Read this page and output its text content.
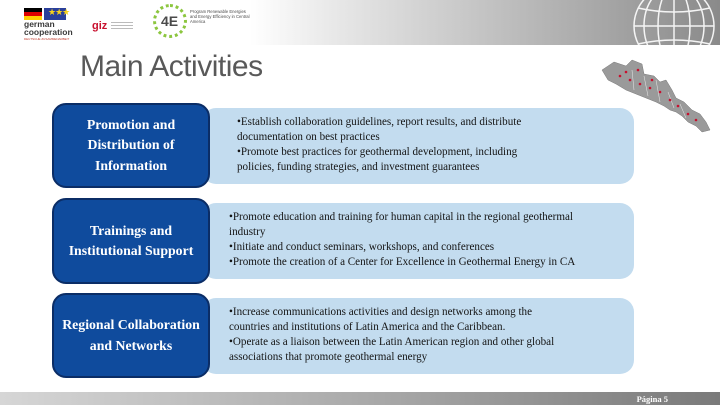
★★★
german
cooperation
DEUTSCHE ZUSAMMENARBEIT
giz	4E
Program Renewable Energies and Energy Efficiency in Central America
Main Activities
•Establish collaboration guidelines, report results, and distribute
documentation on best practices
•Promote best practices for geothermal development, including
policies, funding strategies, and investment guarantees
Promotion and Distribution of Information
•Promote education and training for human capital in the regional geothermal
industry
•Initiate and conduct seminars, workshops, and conferences
•Promote the creation of a Center for Excellence in Geothermal Energy in CA
Trainings and Institutional Support
•Increase communications activities and design networks among the
countries and institutions of Latin America and the Caribbean.
•Operate as a liaison between the Latin American region and other global
associations that promote geothermal energy
Regional Collaboration and Networks
Página 5
